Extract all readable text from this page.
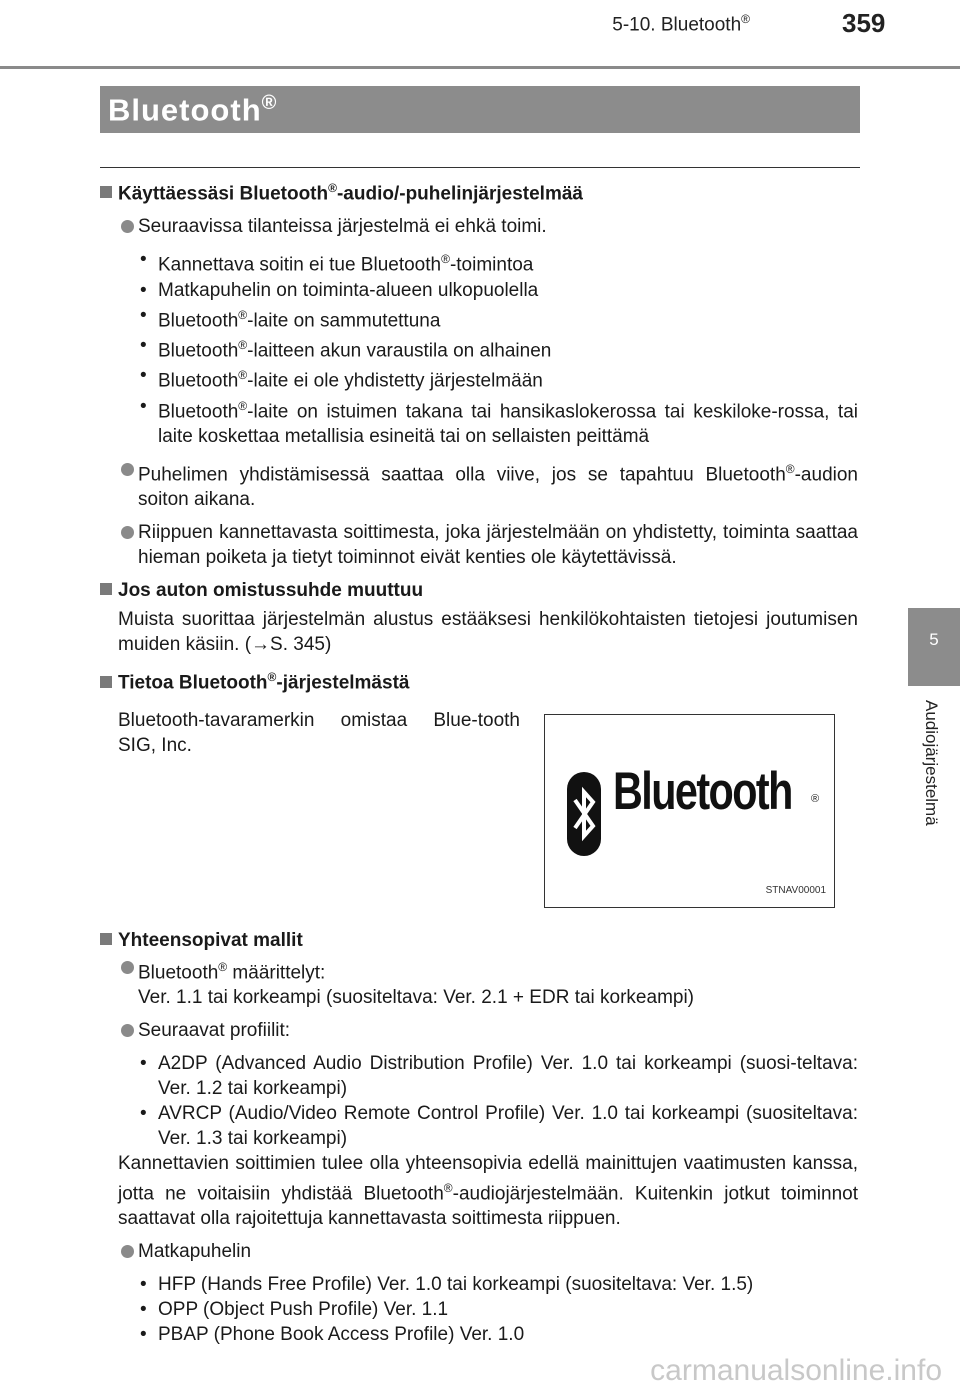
5-10. Bluetooth®	359
Bluetooth®
5
Audiojärjestelmä
Käyttäessäsi Bluetooth®-audio/-puhelinjärjestelmää
Seuraavissa tilanteissa järjestelmä ei ehkä toimi.
• Kannettava soitin ei tue Bluetooth®-toimintoa
• Matkapuhelin on toiminta-alueen ulkopuolella
• Bluetooth®-laite on sammutettuna
• Bluetooth®-laitteen akun varaustila on alhainen
• Bluetooth®-laite ei ole yhdistetty järjestelmään
• Bluetooth®-laite on istuimen takana tai hansikaslokerossa tai keskiloke-rossa, tai laite koskettaa metallisia esineitä tai on sellaisten peittämä
Puhelimen yhdistämisessä saattaa olla viive, jos se tapahtuu Bluetooth®-audion soiton aikana.
Riippuen kannettavasta soittimesta, joka järjestelmään on yhdistetty, toiminta saattaa hieman poiketa ja tietyt toiminnot eivät kenties ole käytettävissä.
Jos auton omistussuhde muuttuu
Muista suorittaa järjestelmän alustus estääksesi henkilökohtaisten tietojesi joutumisen muiden käsiin. (→S. 345)
Tietoa Bluetooth®-järjestelmästä
Bluetooth-tavaramerkin omistaa Blue-tooth SIG, Inc.
Bluetooth ®
STNAV00001
Yhteensopivat mallit
Bluetooth® määrittelyt:
Ver. 1.1 tai korkeampi (suositeltava: Ver. 2.1 + EDR tai korkeampi)
Seuraavat profiilit:
• A2DP (Advanced Audio Distribution Profile) Ver. 1.0 tai korkeampi (suosi-teltava: Ver. 1.2 tai korkeampi)
• AVRCP (Audio/Video Remote Control Profile) Ver. 1.0 tai korkeampi (suositeltava: Ver. 1.3 tai korkeampi)
Kannettavien soittimien tulee olla yhteensopivia edellä mainittujen vaatimusten kanssa, jotta ne voitaisiin yhdistää Bluetooth®-audiojärjestelmään. Kuitenkin jotkut toiminnot saattavat olla rajoitettuja kannettavasta soittimesta riippuen.
Matkapuhelin
• HFP (Hands Free Profile) Ver. 1.0 tai korkeampi (suositeltava: Ver. 1.5)
• OPP (Object Push Profile) Ver. 1.1
• PBAP (Phone Book Access Profile) Ver. 1.0
carmanualsonline.info
